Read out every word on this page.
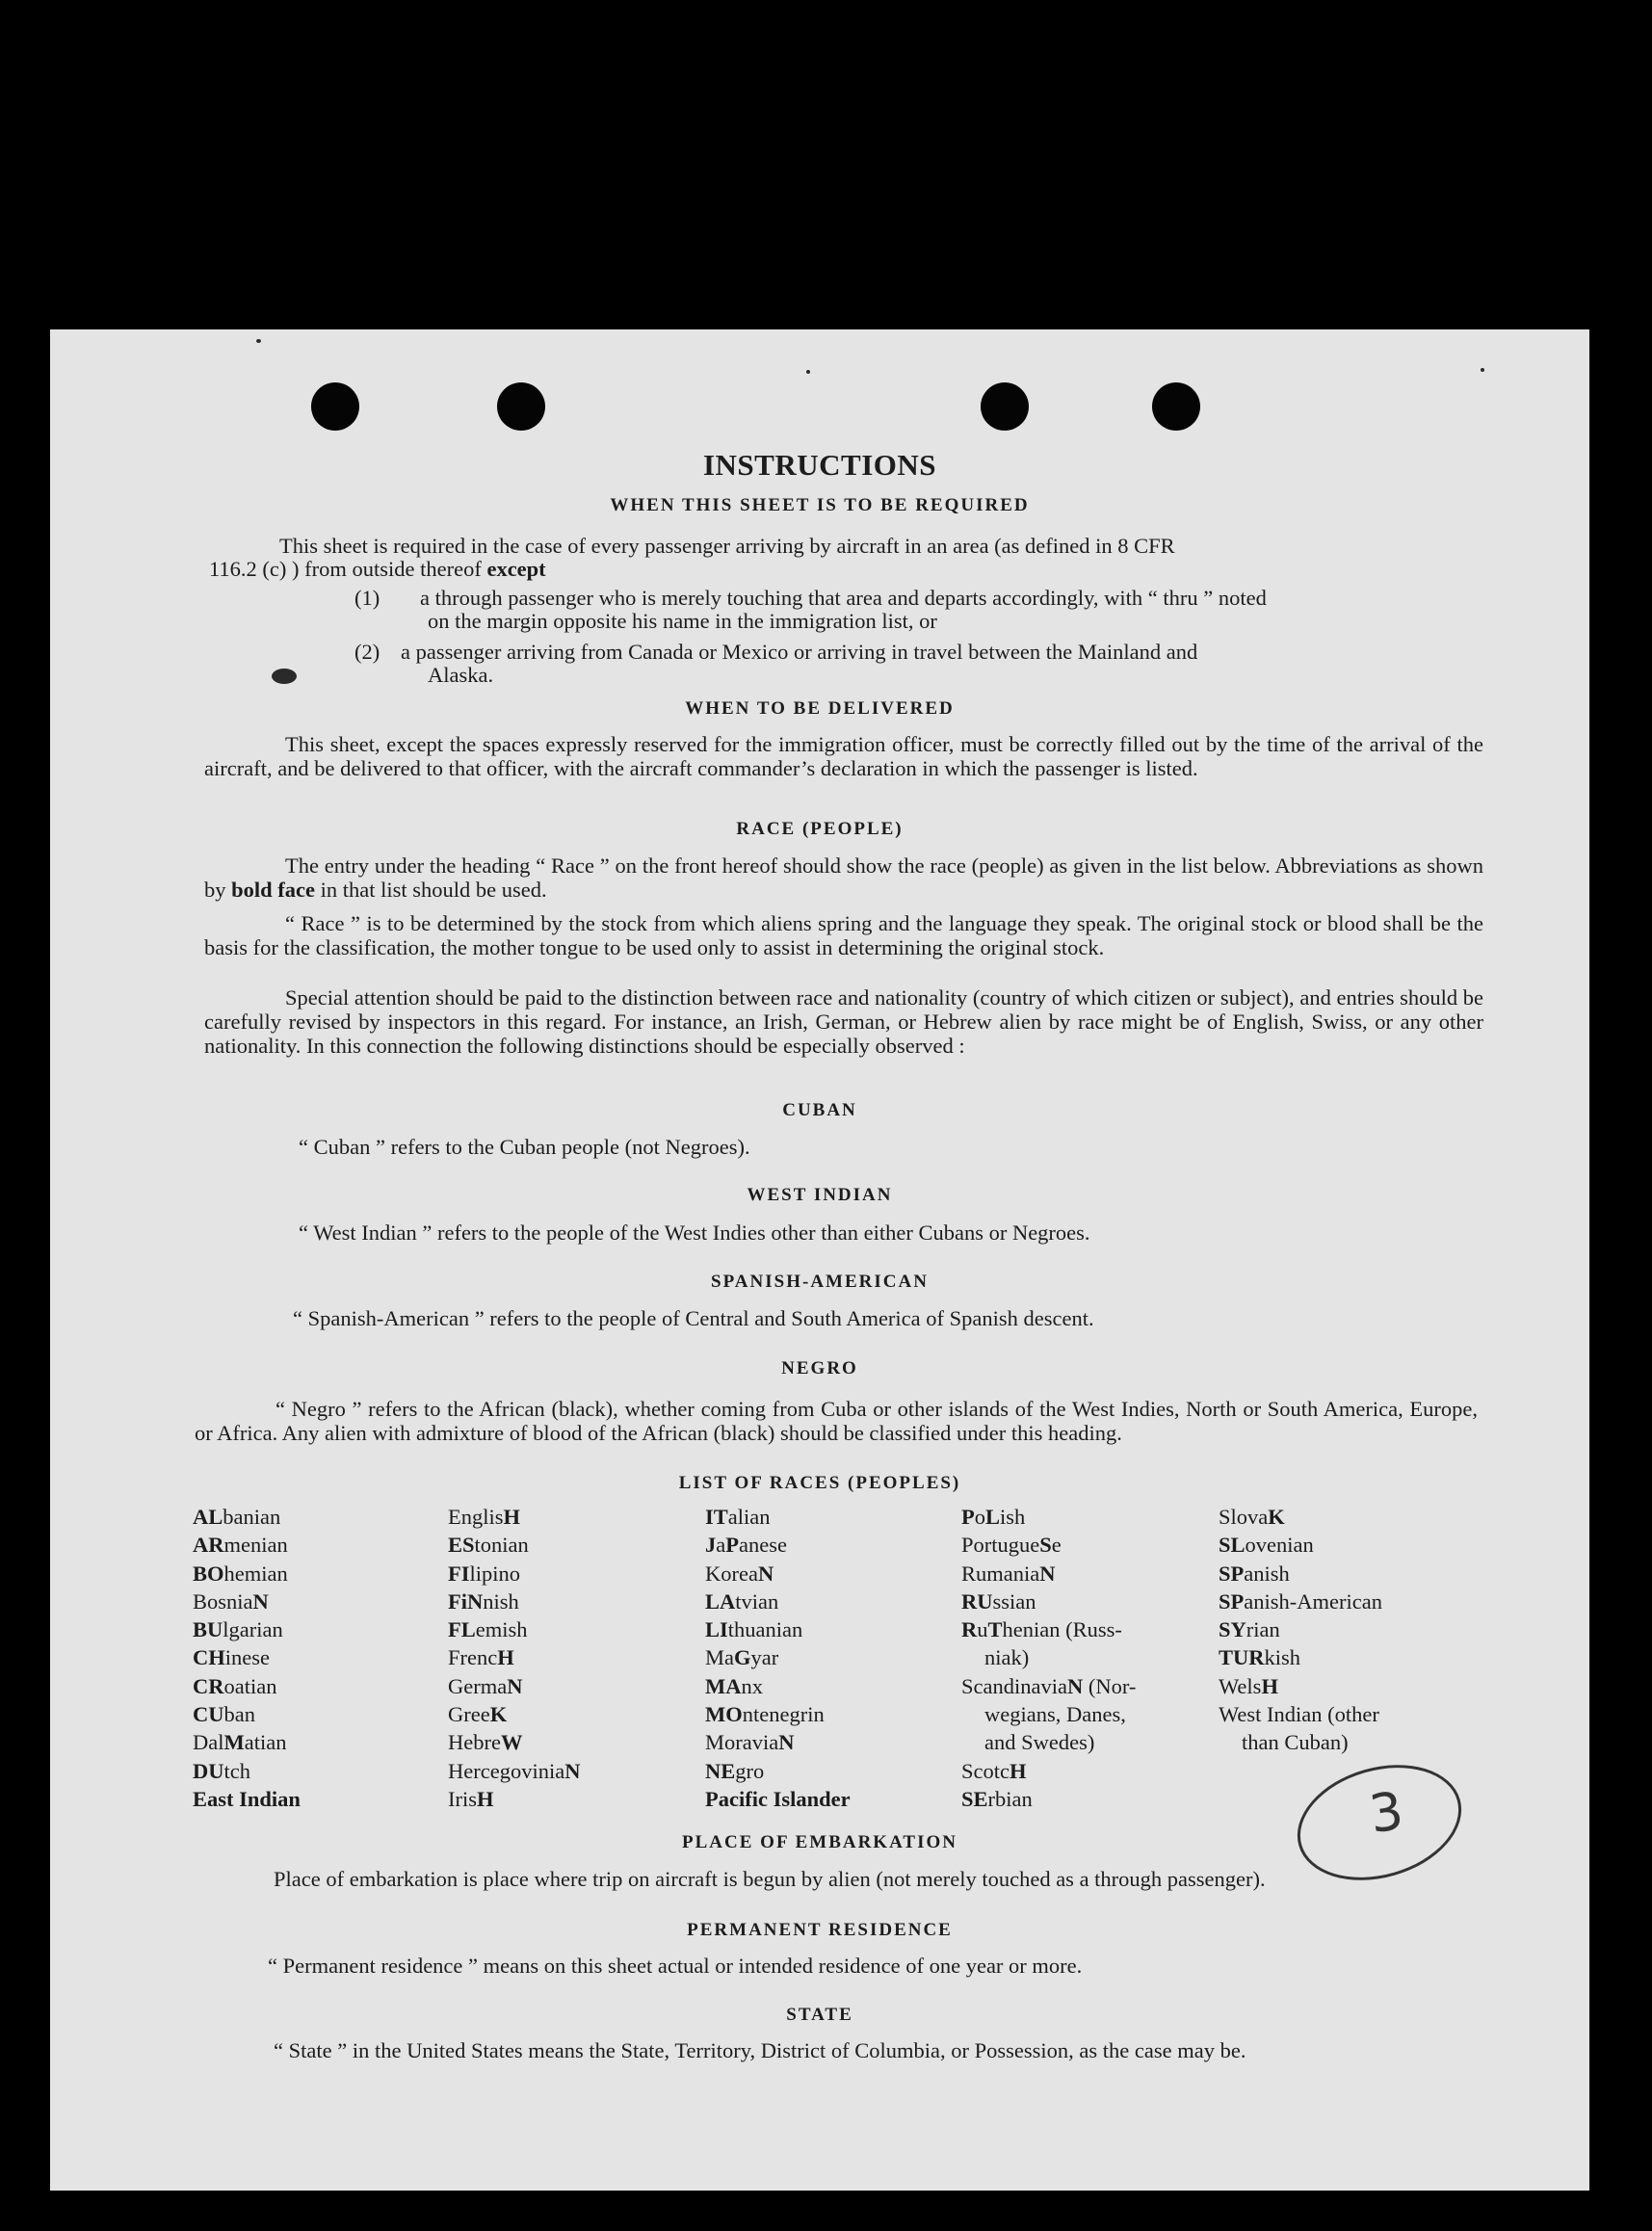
INSTRUCTIONS
WHEN THIS SHEET IS TO BE REQUIRED
This sheet is required in the case of every passenger arriving by aircraft in an area (as defined in 8 CFR
116.2 (c) ) from outside thereof except
(1) a through passenger who is merely touching that area and departs accordingly, with “ thru ” noted
on the margin opposite his name in the immigration list, or
(2) a passenger arriving from Canada or Mexico or arriving in travel between the Mainland and
Alaska.
WHEN TO BE DELIVERED

This sheet, except the spaces expressly reserved for the immigration officer, must be correctly filled out by the time of the arrival of the aircraft, and be delivered to that officer, with the aircraft commander’s declaration in which the passenger is listed.

RACE (PEOPLE)

The entry under the heading “ Race ” on the front hereof should show the race (people) as given in the list below. Abbreviations as shown by bold face in that list should be used.

“ Race ” is to be determined by the stock from which aliens spring and the language they speak. The original stock or blood shall be the basis for the classification, the mother tongue to be used only to assist in determining the original stock.

Special attention should be paid to the distinction between race and nationality (country of which citizen or subject), and entries should be carefully revised by inspectors in this regard. For instance, an Irish, German, or Hebrew alien by race might be of English, Swiss, or any other nationality. In this connection the following distinctions should be especially observed :

CUBAN
“ Cuban ” refers to the Cuban people (not Negroes).
WEST INDIAN
“ West Indian ” refers to the people of the West Indies other than either Cubans or Negroes.
SPANISH-AMERICAN
“ Spanish-American ” refers to the people of Central and South America of Spanish descent.
NEGRO

“ Negro ” refers to the African (black), whether coming from Cuba or other islands of the West Indies, North or South America, Europe, or Africa. Any alien with admixture of blood of the African (black) should be classified under this heading.

LIST OF RACES (PEOPLES)
ALbanian
ARmenian
BOhemian
BosniaN
BUlgarian
CHinese
CRoatian
CUban
DalMatian
DUtch
East Indian
EnglisH
EStonian
FIlipino
FiNnish
FLemish
FrencH
GermaN
GreeK
HebreW
HercegoviniaN
IrisH
ITalian
JaPanese
KoreaN
LAtvian
LIthuanian
MaGyar
MAnx
MOntenegrin
MoraviaN
NEgro
Pacific Islander
PoLish
PortugueSe
RumaniaN
RUssian
RuThenian (Russ-
niak)
ScandinaviaN (Nor-
wegians, Danes,
and Swedes)
ScotcH
SErbian
SlovaK
SLovenian
SPanish
SPanish-American
SYrian
TURkish
WelsH
West Indian (other
than Cuban)
3
PLACE OF EMBARKATION

Place of embarkation is place where trip on aircraft is begun by alien (not merely touched as a through passenger).

PERMANENT RESIDENCE
“ Permanent residence ” means on this sheet actual or intended residence of one year or more.
STATE

“ State ” in the United States means the State, Territory, District of Columbia, or Possession, as the case may be.
